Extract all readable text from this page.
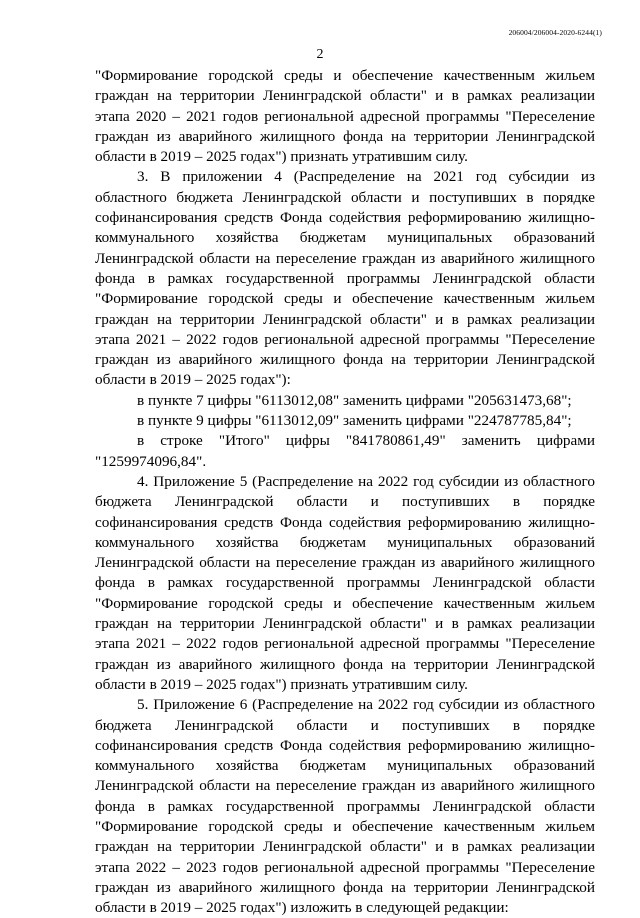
206004/206004-2020-6244(1)
2

"Формирование городской среды и обеспечение качественным жильем граждан на территории Ленинградской области" и в рамках реализации этапа 2020 – 2021 годов региональной адресной программы "Переселение граждан из аварийного жилищного фонда на территории Ленинградской области в 2019 – 2025 годах") признать утратившим силу.

3. В приложении 4 (Распределение на 2021 год субсидии из областного бюджета Ленинградской области и поступивших в порядке софинансирования средств Фонда содействия реформированию жилищно-коммунального хозяйства бюджетам муниципальных образований Ленинградской области на переселение граждан из аварийного жилищного фонда в рамках государственной программы Ленинградской области "Формирование городской среды и обеспечение качественным жильем граждан на территории Ленинградской области" и в рамках реализации этапа 2021 – 2022 годов региональной адресной программы "Переселение граждан из аварийного жилищного фонда на территории Ленинградской области в 2019 – 2025 годах"):

в пункте 7 цифры "6113012,08" заменить цифрами "205631473,68";

в пункте 9 цифры "6113012,09" заменить цифрами "224787785,84";

в строке "Итого" цифры "841780861,49" заменить цифрами "1259974096,84".

4. Приложение 5 (Распределение на 2022 год субсидии из областного бюджета Ленинградской области и поступивших в порядке софинансирования средств Фонда содействия реформированию жилищно-коммунального хозяйства бюджетам муниципальных образований Ленинградской области на переселение граждан из аварийного жилищного фонда в рамках государственной программы Ленинградской области "Формирование городской среды и обеспечение качественным жильем граждан на территории Ленинградской области" и в рамках реализации этапа 2021 – 2022 годов региональной адресной программы "Переселение граждан из аварийного жилищного фонда на территории Ленинградской области в 2019 – 2025 годах") признать утратившим силу.

5. Приложение 6 (Распределение на 2022 год субсидии из областного бюджета Ленинградской области и поступивших в порядке софинансирования средств Фонда содействия реформированию жилищно-коммунального хозяйства бюджетам муниципальных образований Ленинградской области на переселение граждан из аварийного жилищного фонда в рамках государственной программы Ленинградской области "Формирование городской среды и обеспечение качественным жильем граждан на территории Ленинградской области" и в рамках реализации этапа 2022 – 2023 годов региональной адресной программы "Переселение граждан из аварийного жилищного фонда на территории Ленинградской области в 2019 – 2025 годах") изложить в следующей редакции:
